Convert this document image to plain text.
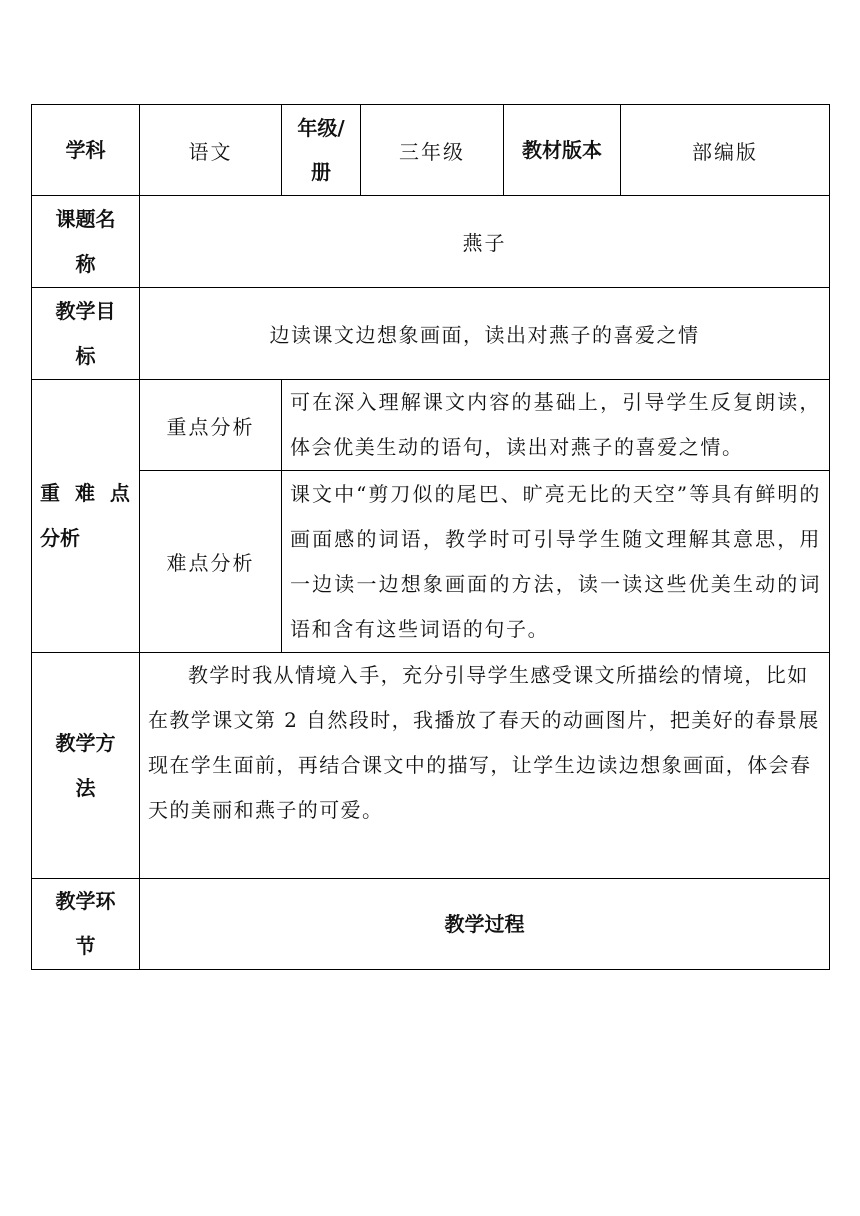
学科	语文	年级/
册	三年级	教材版本	部编版

课题名
称	燕子				

教学目
标	边读课文边想象画面，读出对燕子的喜爱之情				

重 难 点
分析	重点分析	可在深入理解课文内容的基础上，引导学生反复朗读，体会优美生动的语句，读出对燕子的喜爱之情。			
	难点分析	课文中“剪刀似的尾巴、旷亮无比的天空”等具有鲜明的画面感的词语，教学时可引导学生随文理解其意思，用一边读一边想象画面的方法，读一读这些优美生动的词语和含有这些词语的句子。			

教学方
法	教学时我从情境入手，充分引导学生感受课文所描绘的情境，比如在教学课文第 2 自然段时，我播放了春天的动画图片，把美好的春景展现在学生面前，再结合课文中的描写，让学生边读边想象画面，体会春天的美丽和燕子的可爱。				

教学环
节	教学过程				
